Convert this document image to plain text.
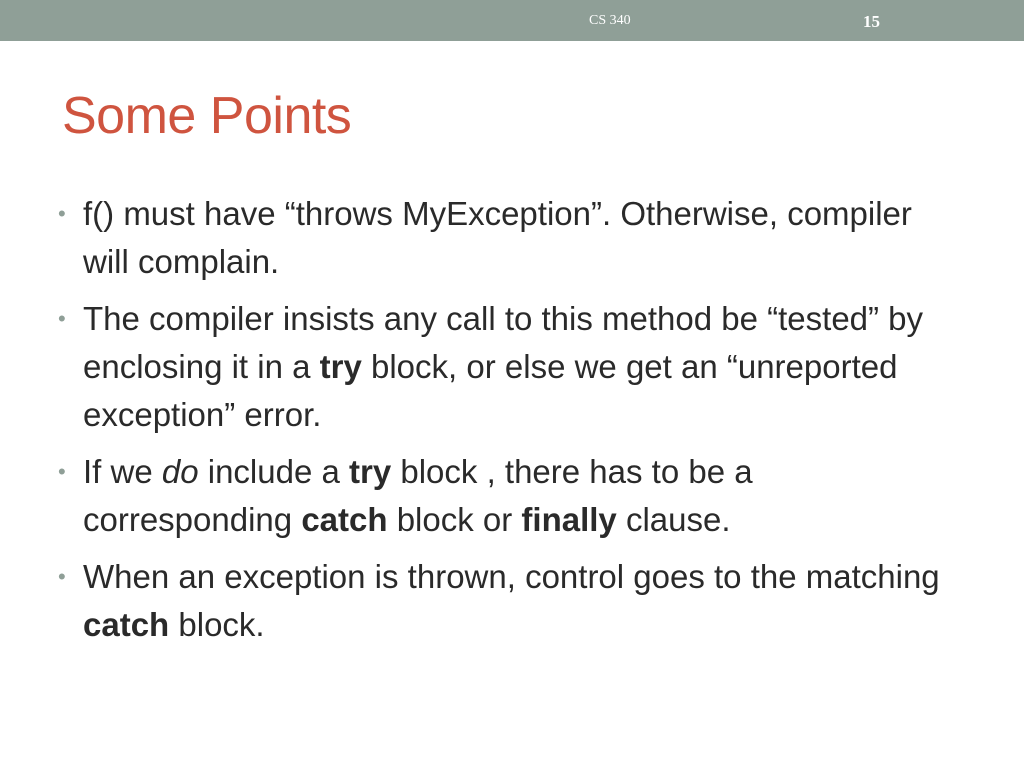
CS 340	15
Some Points
• f() must have “throws MyException”. Otherwise, compiler will complain.
• The compiler insists any call to this method be “tested” by enclosing it in a try block, or else we get an “unreported exception” error.
• If we do include a try block , there has to be a corresponding catch block or finally clause.
• When an exception is thrown, control goes to the matching catch block.
